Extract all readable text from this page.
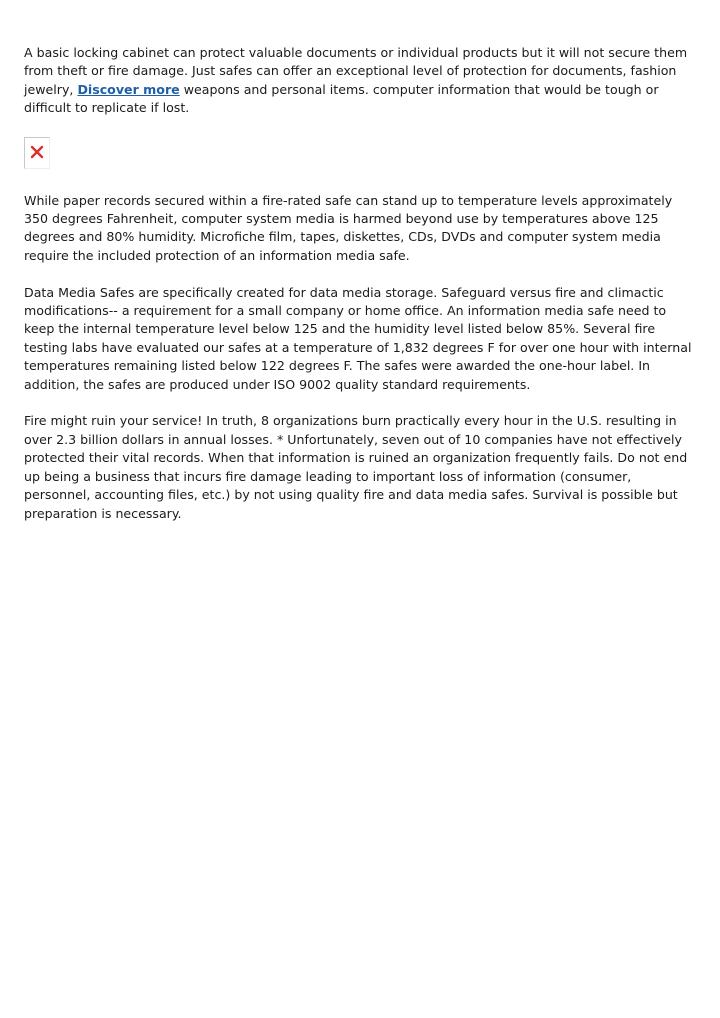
A basic locking cabinet can protect valuable documents or individual products but it will not secure them from theft or fire damage. Just safes can offer an exceptional level of protection for documents, fashion jewelry, Discover more weapons and personal items. computer information that would be tough or difficult to replicate if lost.

While paper records secured within a fire-rated safe can stand up to temperature levels approximately 350 degrees Fahrenheit, computer system media is harmed beyond use by temperatures above 125 degrees and 80% humidity. Microfiche film, tapes, diskettes, CDs, DVDs and computer system media require the included protection of an information media safe.

Data Media Safes are specifically created for data media storage. Safeguard versus fire and climactic modifications-- a requirement for a small company or home office. An information media safe need to keep the internal temperature level below 125 and the humidity level listed below 85%. Several fire testing labs have evaluated our safes at a temperature of 1,832 degrees F for over one hour with internal temperatures remaining listed below 122 degrees F. The safes were awarded the one-hour label. In addition, the safes are produced under ISO 9002 quality standard requirements.

Fire might ruin your service! In truth, 8 organizations burn practically every hour in the U.S. resulting in over 2.3 billion dollars in annual losses. * Unfortunately, seven out of 10 companies have not effectively protected their vital records. When that information is ruined an organization frequently fails. Do not end up being a business that incurs fire damage leading to important loss of information (consumer, personnel, accounting files, etc.) by not using quality fire and data media safes. Survival is possible but preparation is necessary.
